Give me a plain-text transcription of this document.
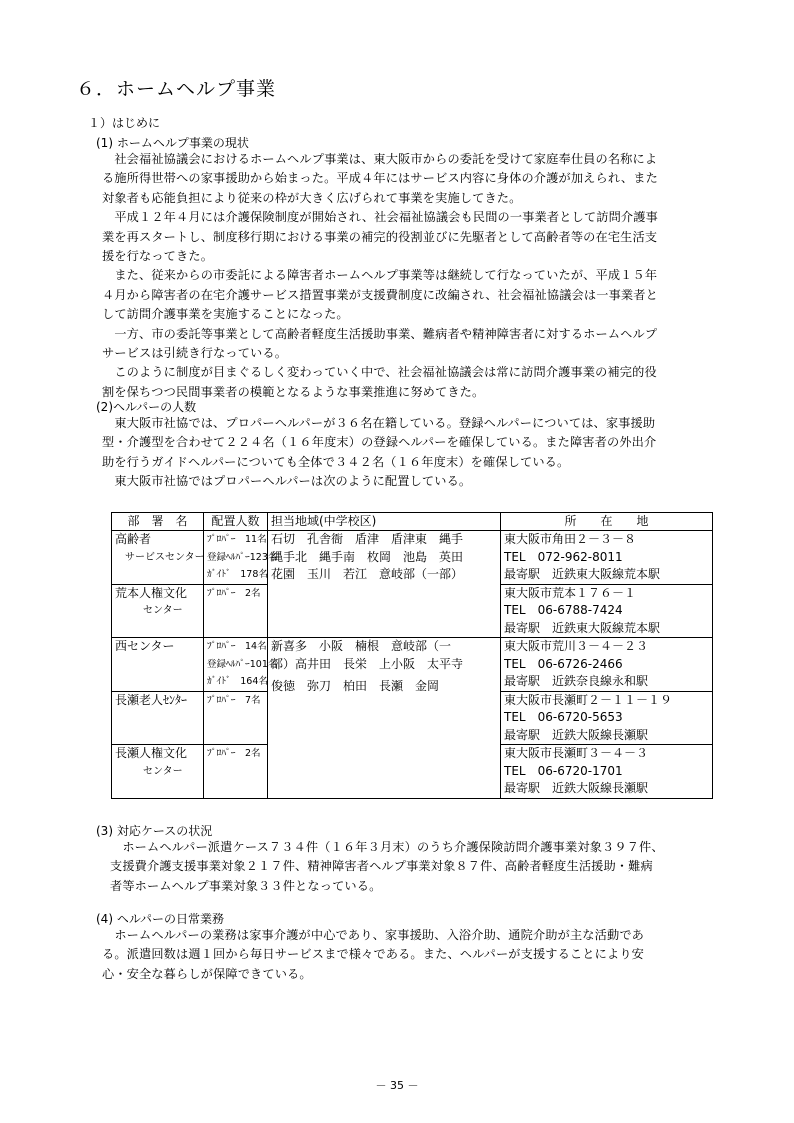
６．ホームヘルプ事業
１）はじめに
(1) ホームヘルプ事業の現状
　社会福祉協議会におけるホームヘルプ事業は、東大阪市からの委託を受けて家庭奉仕員の名称によ
る施所得世帯への家事援助から始まった。平成４年にはサービス内容に身体の介護が加えられ、また
対象者も応能負担により従来の枠が大きく広げられて事業を実施してきた。
　平成１２年４月には介護保険制度が開始され、社会福祉協議会も民間の一事業者として訪問介護事
業を再スタートし、制度移行期における事業の補完的役割並びに先駆者として高齢者等の在宅生活支
援を行なってきた。
　また、従来からの市委託による障害者ホームヘルプ事業等は継続して行なっていたが、平成１５年
４月から障害者の在宅介護サービス措置事業が支援費制度に改編され、社会福祉協議会は一事業者と
して訪問介護事業を実施することになった。
　一方、市の委託等事業として高齢者軽度生活援助事業、難病者や精神障害者に対するホームヘルプ
サービスは引続き行なっている。
　このように制度が目まぐるしく変わっていく中で、社会福祉協議会は常に訪問介護事業の補完的役
割を保ちつつ民間事業者の模範となるような事業推進に努めてきた。
(2)ヘルパーの人数
　東大阪市社協では、プロパーヘルパーが３６名在籍している。登録ヘルパーについては、家事援助
型・介護型を合わせて２２４名（１６年度末）の登録ヘルパーを確保している。また障害者の外出介
助を行うガイドヘルパーについても全体で３４２名（１６年度末）を確保している。
　東大阪市社協ではプロパーヘルパーは次のように配置している。
部　署　名	配置人数	担当地域(中学校区)	所　　在　　地

高齢者
サービスセンター	ﾌﾟﾛﾊﾟｰ　11名
登録ﾍﾙﾊﾟｰ123名
ｶﾞｲﾄﾞ　178名	石切　孔舎衙　盾津　盾津東　縄手
縄手北　縄手南　枚岡　池島　英田
花園　玉川　若江　意岐部（一部）	東大阪市角田２－３－８
TEL　072-962-8011
最寄駅　近鉄東大阪線荒本駅

荒本人権文化
センター	ﾌﾟﾛﾊﾟｰ　2名		東大阪市荒本１７６－１
TEL　06-6788-7424
最寄駅　近鉄東大阪線荒本駅

西センター	ﾌﾟﾛﾊﾟｰ　14名
登録ﾍﾙﾊﾟｰ101名
ｶﾞｲﾄﾞ　164名	新喜多　小阪　楠根　意岐部（一
部）高井田　長栄　上小阪　太平寺
俊徳　弥刀　柏田　長瀬　金岡	東大阪市荒川３－４－２３
TEL　06-6726-2466
最寄駅　近鉄奈良線永和駅

長瀬老人ｾﾝﾀｰ	ﾌﾟﾛﾊﾟｰ　7名		東大阪市長瀬町２－１１－１９
TEL　06-6720-5653
最寄駅　近鉄大阪線長瀬駅

長瀬人権文化
センター	ﾌﾟﾛﾊﾟｰ　2名		東大阪市長瀬町３－４－３
TEL　06-6720-1701
最寄駅　近鉄大阪線長瀬駅
(3) 対応ケースの状況
　ホームヘルパー派遣ケース７３４件（１６年３月末）のうち介護保険訪問介護事業対象３９７件、
支援費介護支援事業対象２１７件、精神障害者ヘルプ事業対象８７件、高齢者軽度生活援助・難病
者等ホームヘルプ事業対象３３件となっている。
(4) ヘルパーの日常業務
　ホームヘルパーの業務は家事介護が中心であり、家事援助、入浴介助、通院介助が主な活動であ
る。派遣回数は週１回から毎日サービスまで様々である。また、ヘルパーが支援することにより安
心・安全な暮らしが保障できている。
－ 35 －
